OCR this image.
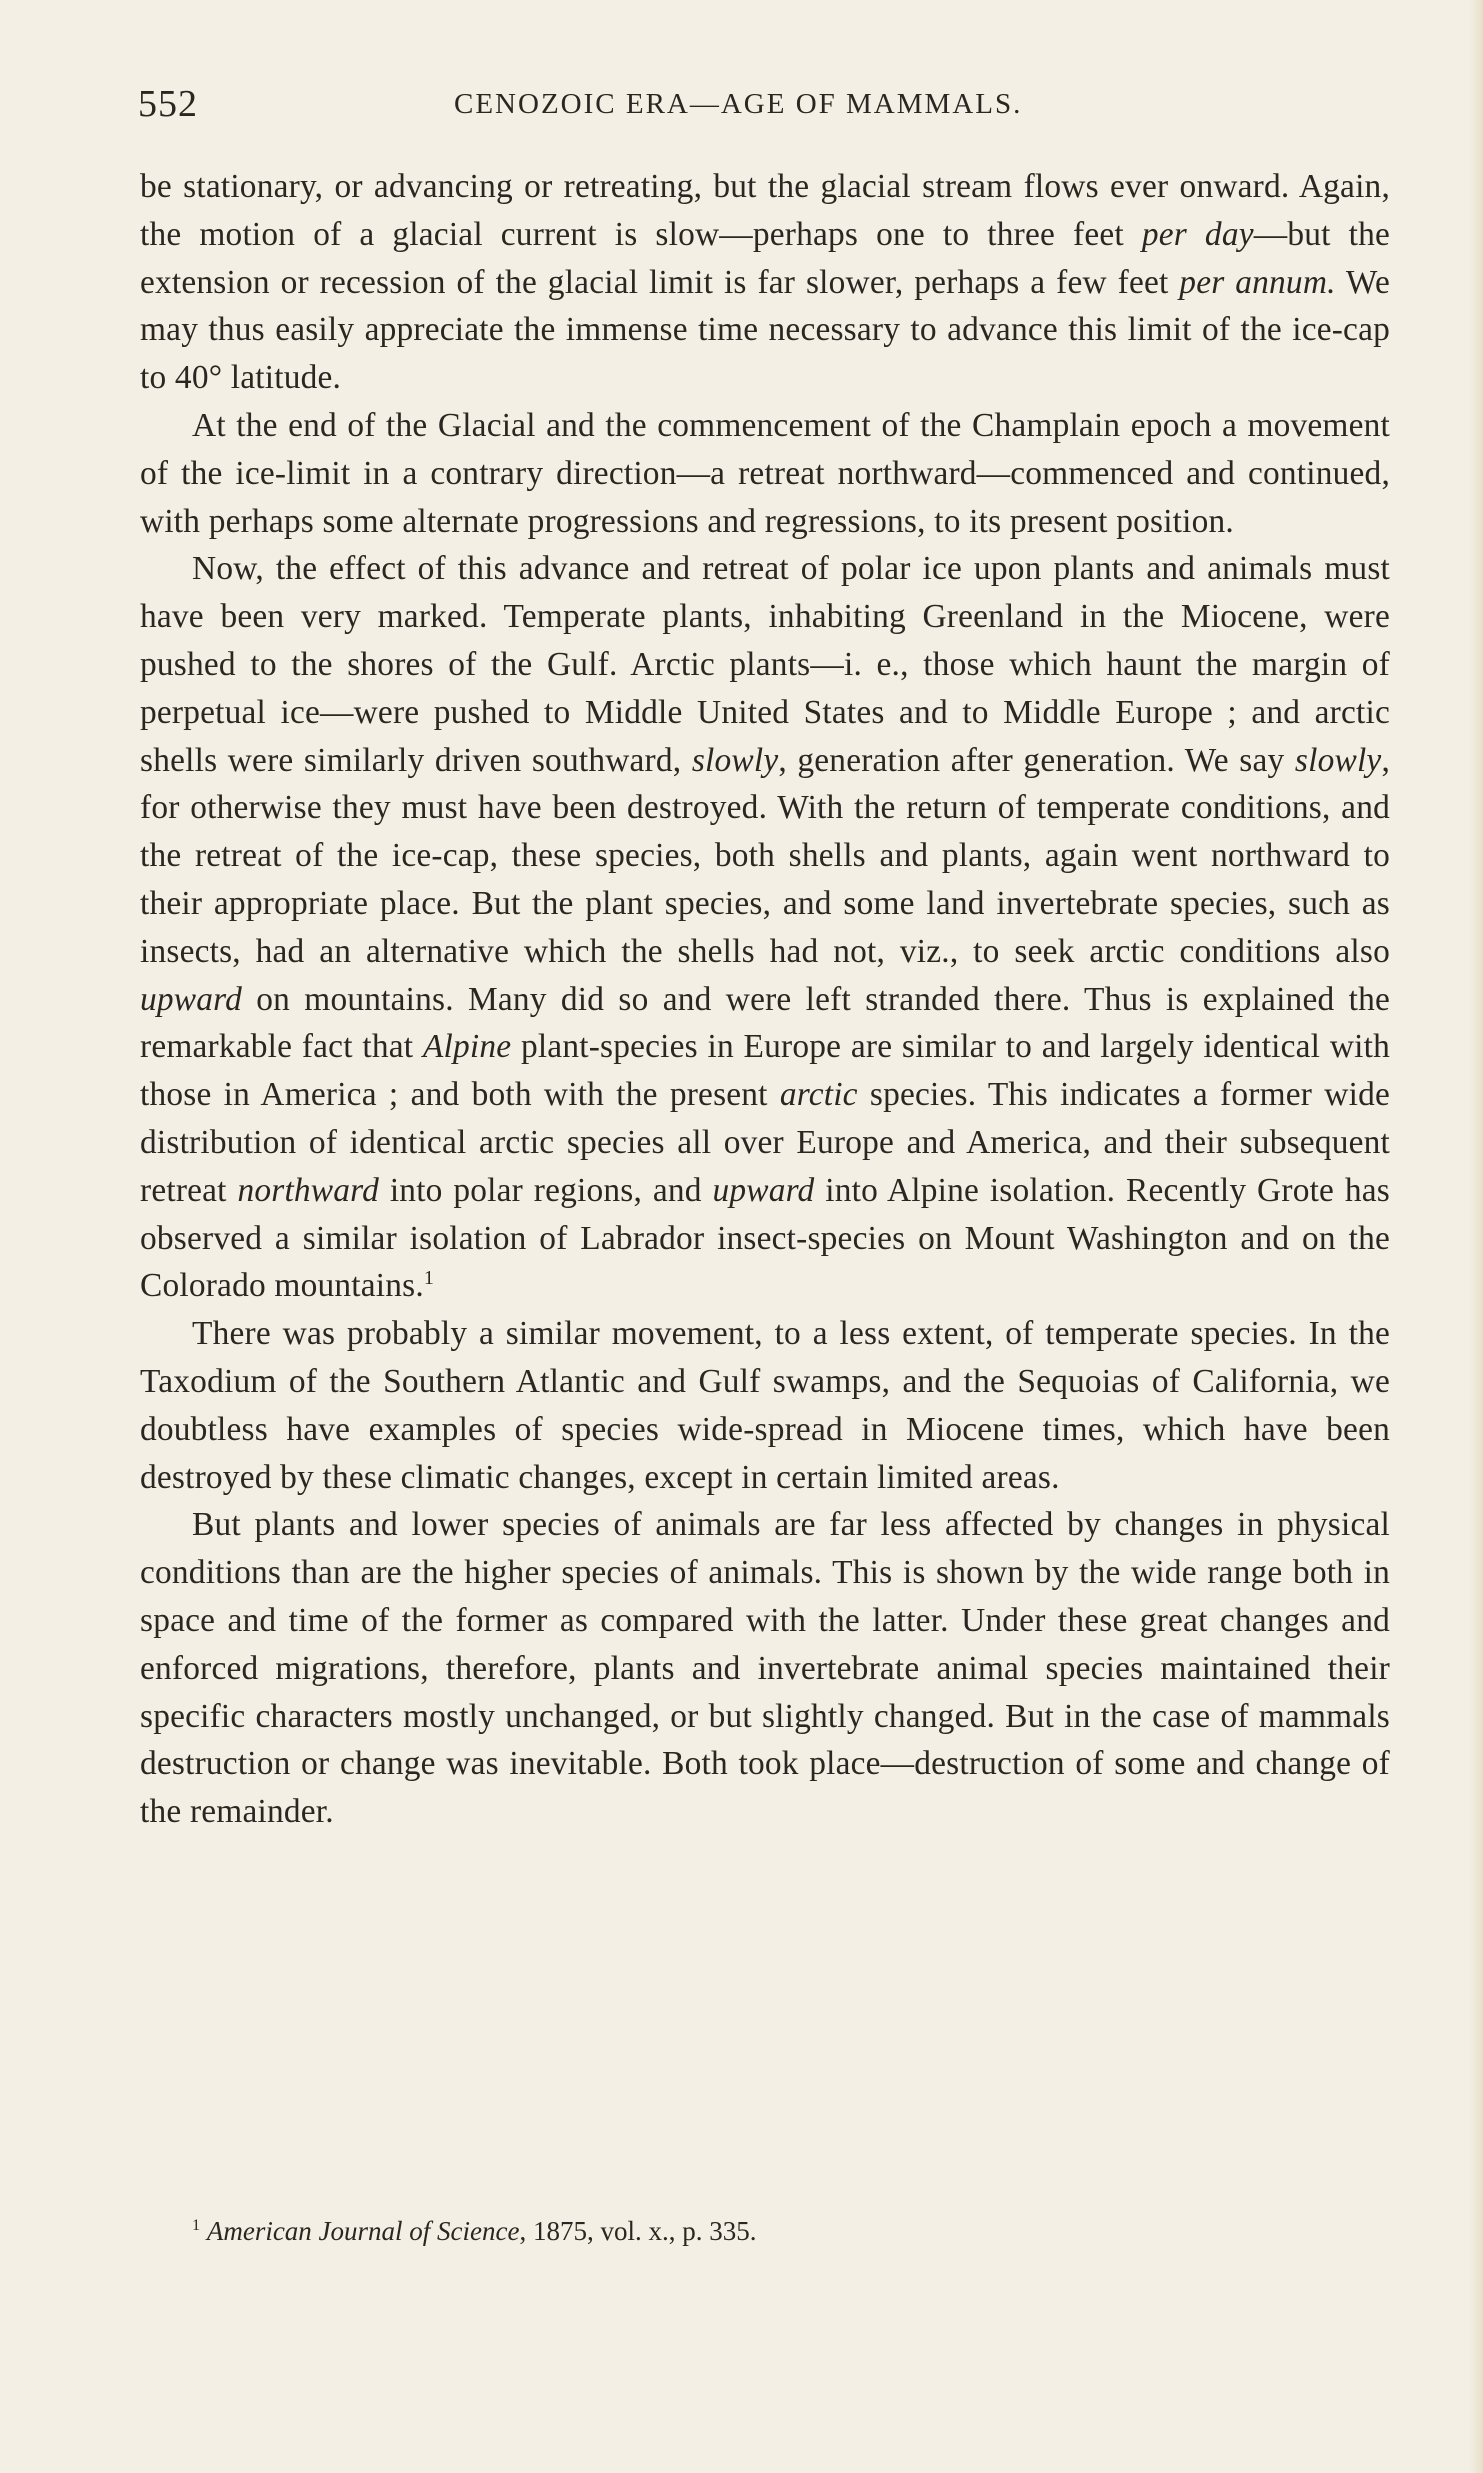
552	CENOZOIC ERA—AGE OF MAMMALS.

be stationary, or advancing or retreating, but the glacial stream flows ever onward. Again, the motion of a glacial current is slow—perhaps one to three feet per day—but the extension or recession of the glacial limit is far slower, perhaps a few feet per annum. We may thus easily appreciate the immense time necessary to advance this limit of the ice-cap to 40° latitude.

At the end of the Glacial and the commencement of the Champlain epoch a movement of the ice-limit in a contrary direction—a retreat northward—commenced and continued, with perhaps some alternate progressions and regressions, to its present position.

Now, the effect of this advance and retreat of polar ice upon plants and animals must have been very marked. Temperate plants, inhabiting Greenland in the Miocene, were pushed to the shores of the Gulf. Arctic plants—i. e., those which haunt the margin of perpetual ice—were pushed to Middle United States and to Middle Europe ; and arctic shells were similarly driven southward, slowly, generation after generation. We say slowly, for otherwise they must have been destroyed. With the return of temperate conditions, and the retreat of the ice-cap, these species, both shells and plants, again went northward to their appropriate place. But the plant species, and some land invertebrate species, such as insects, had an alternative which the shells had not, viz., to seek arctic conditions also upward on mountains. Many did so and were left stranded there. Thus is explained the remarkable fact that Alpine plant-species in Europe are similar to and largely identical with those in America ; and both with the present arctic species. This indicates a former wide distribution of identical arctic species all over Europe and America, and their subsequent retreat northward into polar regions, and upward into Alpine isolation. Recently Grote has observed a similar isolation of Labrador insect-species on Mount Washington and on the Colorado mountains.$^1$

There was probably a similar movement, to a less extent, of temperate species. In the Taxodium of the Southern Atlantic and Gulf swamps, and the Sequoias of California, we doubtless have examples of species wide-spread in Miocene times, which have been destroyed by these climatic changes, except in certain limited areas.

But plants and lower species of animals are far less affected by changes in physical conditions than are the higher species of animals. This is shown by the wide range both in space and time of the former as compared with the latter. Under these great changes and enforced migrations, therefore, plants and invertebrate animal species maintained their specific characters mostly unchanged, or but slightly changed. But in the case of mammals destruction or change was inevitable. Both took place—destruction of some and change of the remainder.

$^1$ American Journal of Science, 1875, vol. x., p. 335.
